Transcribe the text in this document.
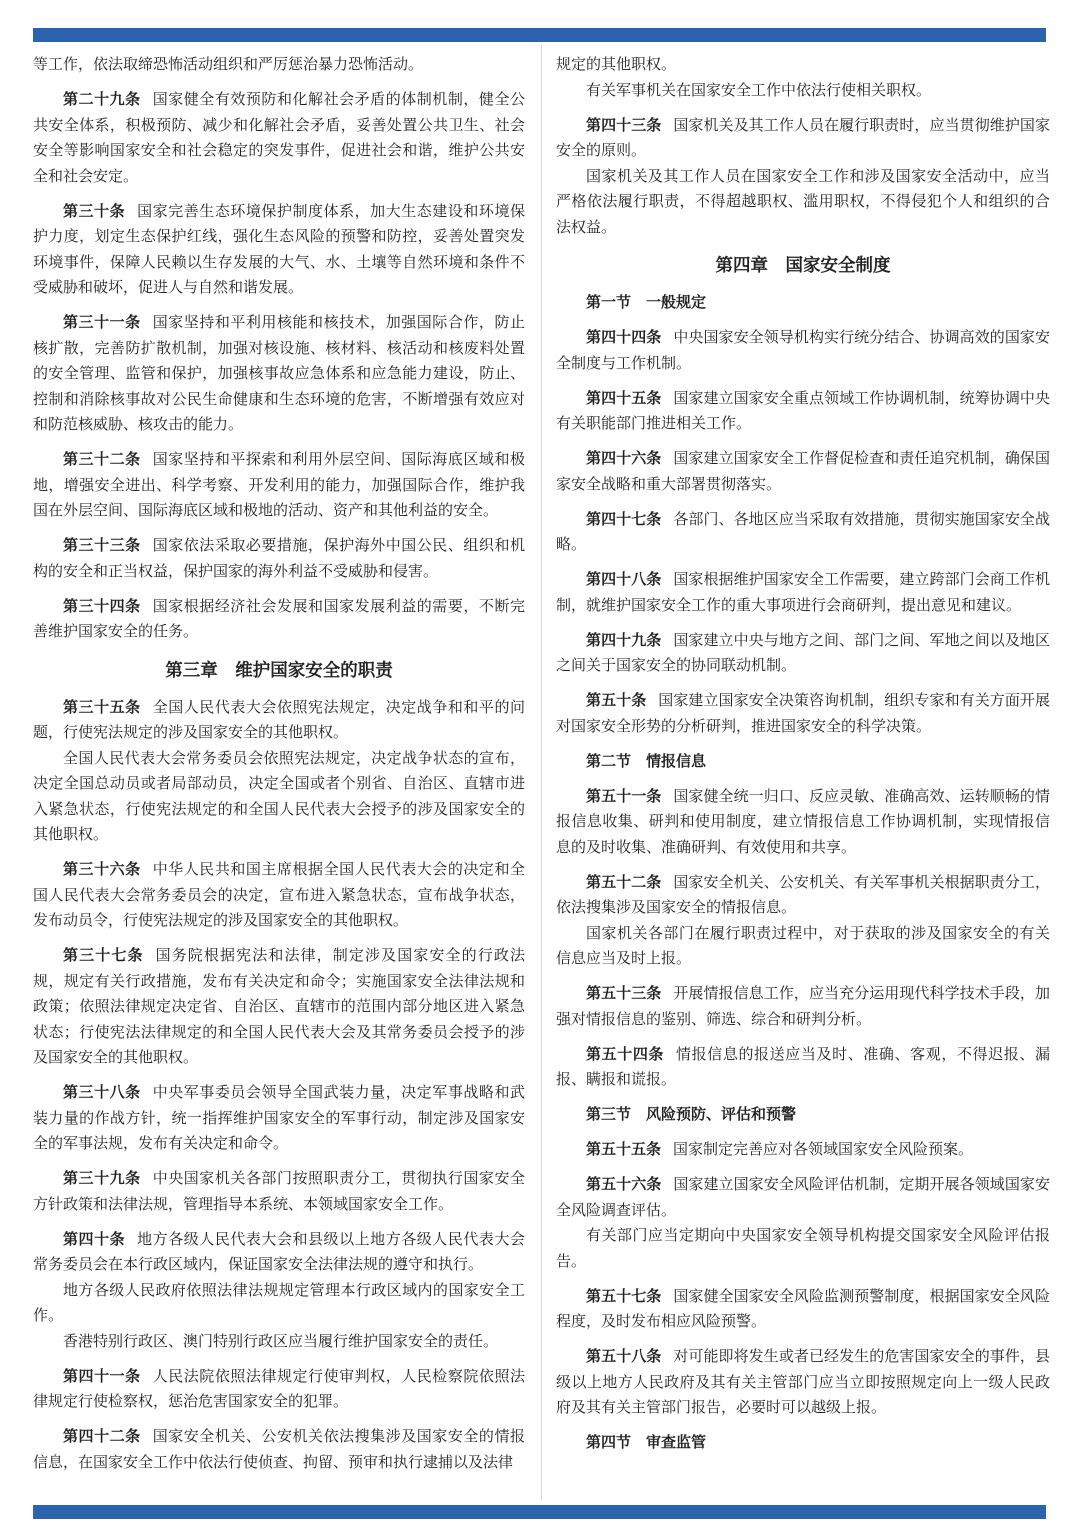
等工作，依法取缔恐怖活动组织和严厉惩治暴力恐怖活动。

第二十九条 国家健全有效预防和化解社会矛盾的体制机制，健全公共安全体系，积极预防、减少和化解社会矛盾，妥善处置公共卫生、社会安全等影响国家安全和社会稳定的突发事件，促进社会和谐，维护公共安全和社会安定。

第三十条 国家完善生态环境保护制度体系，加大生态建设和环境保护力度，划定生态保护红线，强化生态风险的预警和防控，妥善处置突发环境事件，保障人民赖以生存发展的大气、水、土壤等自然环境和条件不受威胁和破坏，促进人与自然和谐发展。

第三十一条 国家坚持和平利用核能和核技术，加强国际合作，防止核扩散，完善防扩散机制，加强对核设施、核材料、核活动和核废料处置的安全管理、监管和保护，加强核事故应急体系和应急能力建设，防止、控制和消除核事故对公民生命健康和生态环境的危害，不断增强有效应对和防范核威胁、核攻击的能力。

第三十二条 国家坚持和平探索和利用外层空间、国际海底区域和极地，增强安全进出、科学考察、开发利用的能力，加强国际合作，维护我国在外层空间、国际海底区域和极地的活动、资产和其他利益的安全。

第三十三条 国家依法采取必要措施，保护海外中国公民、组织和机构的安全和正当权益，保护国家的海外利益不受威胁和侵害。

第三十四条 国家根据经济社会发展和国家发展利益的需要，不断完善维护国家安全的任务。

第三章　维护国家安全的职责

第三十五条 全国人民代表大会依照宪法规定，决定战争和和平的问题，行使宪法规定的涉及国家安全的其他职权。

全国人民代表大会常务委员会依照宪法规定，决定战争状态的宣布，决定全国总动员或者局部动员，决定全国或者个别省、自治区、直辖市进入紧急状态，行使宪法规定的和全国人民代表大会授予的涉及国家安全的其他职权。

第三十六条 中华人民共和国主席根据全国人民代表大会的决定和全国人民代表大会常务委员会的决定，宣布进入紧急状态，宣布战争状态，发布动员令，行使宪法规定的涉及国家安全的其他职权。

第三十七条 国务院根据宪法和法律，制定涉及国家安全的行政法规，规定有关行政措施，发布有关决定和命令；实施国家安全法律法规和政策；依照法律规定决定省、自治区、直辖市的范围内部分地区进入紧急状态；行使宪法法律规定的和全国人民代表大会及其常务委员会授予的涉及国家安全的其他职权。

第三十八条 中央军事委员会领导全国武装力量，决定军事战略和武装力量的作战方针，统一指挥维护国家安全的军事行动，制定涉及国家安全的军事法规，发布有关决定和命令。

第三十九条 中央国家机关各部门按照职责分工，贯彻执行国家安全方针政策和法律法规，管理指导本系统、本领域国家安全工作。

第四十条 地方各级人民代表大会和县级以上地方各级人民代表大会常务委员会在本行政区域内，保证国家安全法律法规的遵守和执行。

地方各级人民政府依照法律法规规定管理本行政区域内的国家安全工作。

香港特别行政区、澳门特别行政区应当履行维护国家安全的责任。

第四十一条 人民法院依照法律规定行使审判权，人民检察院依照法律规定行使检察权，惩治危害国家安全的犯罪。

第四十二条 国家安全机关、公安机关依法搜集涉及国家安全的情报信息，在国家安全工作中依法行使侦查、拘留、预审和执行逮捕以及法律

规定的其他职权。

有关军事机关在国家安全工作中依法行使相关职权。

第四十三条 国家机关及其工作人员在履行职责时，应当贯彻维护国家安全的原则。

国家机关及其工作人员在国家安全工作和涉及国家安全活动中，应当严格依法履行职责，不得超越职权、滥用职权，不得侵犯个人和组织的合法权益。

第四章　国家安全制度

第一节　一般规定

第四十四条 中央国家安全领导机构实行统分结合、协调高效的国家安全制度与工作机制。

第四十五条 国家建立国家安全重点领域工作协调机制，统筹协调中央有关职能部门推进相关工作。

第四十六条 国家建立国家安全工作督促检查和责任追究机制，确保国家安全战略和重大部署贯彻落实。

第四十七条 各部门、各地区应当采取有效措施，贯彻实施国家安全战略。

第四十八条 国家根据维护国家安全工作需要，建立跨部门会商工作机制，就维护国家安全工作的重大事项进行会商研判，提出意见和建议。

第四十九条 国家建立中央与地方之间、部门之间、军地之间以及地区之间关于国家安全的协同联动机制。

第五十条 国家建立国家安全决策咨询机制，组织专家和有关方面开展对国家安全形势的分析研判，推进国家安全的科学决策。

第二节　情报信息

第五十一条 国家健全统一归口、反应灵敏、准确高效、运转顺畅的情报信息收集、研判和使用制度，建立情报信息工作协调机制，实现情报信息的及时收集、准确研判、有效使用和共享。

第五十二条 国家安全机关、公安机关、有关军事机关根据职责分工，依法搜集涉及国家安全的情报信息。

国家机关各部门在履行职责过程中，对于获取的涉及国家安全的有关信息应当及时上报。

第五十三条 开展情报信息工作，应当充分运用现代科学技术手段，加强对情报信息的鉴别、筛选、综合和研判分析。

第五十四条 情报信息的报送应当及时、准确、客观，不得迟报、漏报、瞒报和谎报。

第三节　风险预防、评估和预警

第五十五条 国家制定完善应对各领域国家安全风险预案。

第五十六条 国家建立国家安全风险评估机制，定期开展各领域国家安全风险调查评估。

有关部门应当定期向中央国家安全领导机构提交国家安全风险评估报告。

第五十七条 国家健全国家安全风险监测预警制度，根据国家安全风险程度，及时发布相应风险预警。

第五十八条 对可能即将发生或者已经发生的危害国家安全的事件，县级以上地方人民政府及其有关主管部门应当立即按照规定向上一级人民政府及其有关主管部门报告，必要时可以越级上报。

第四节　审查监管
